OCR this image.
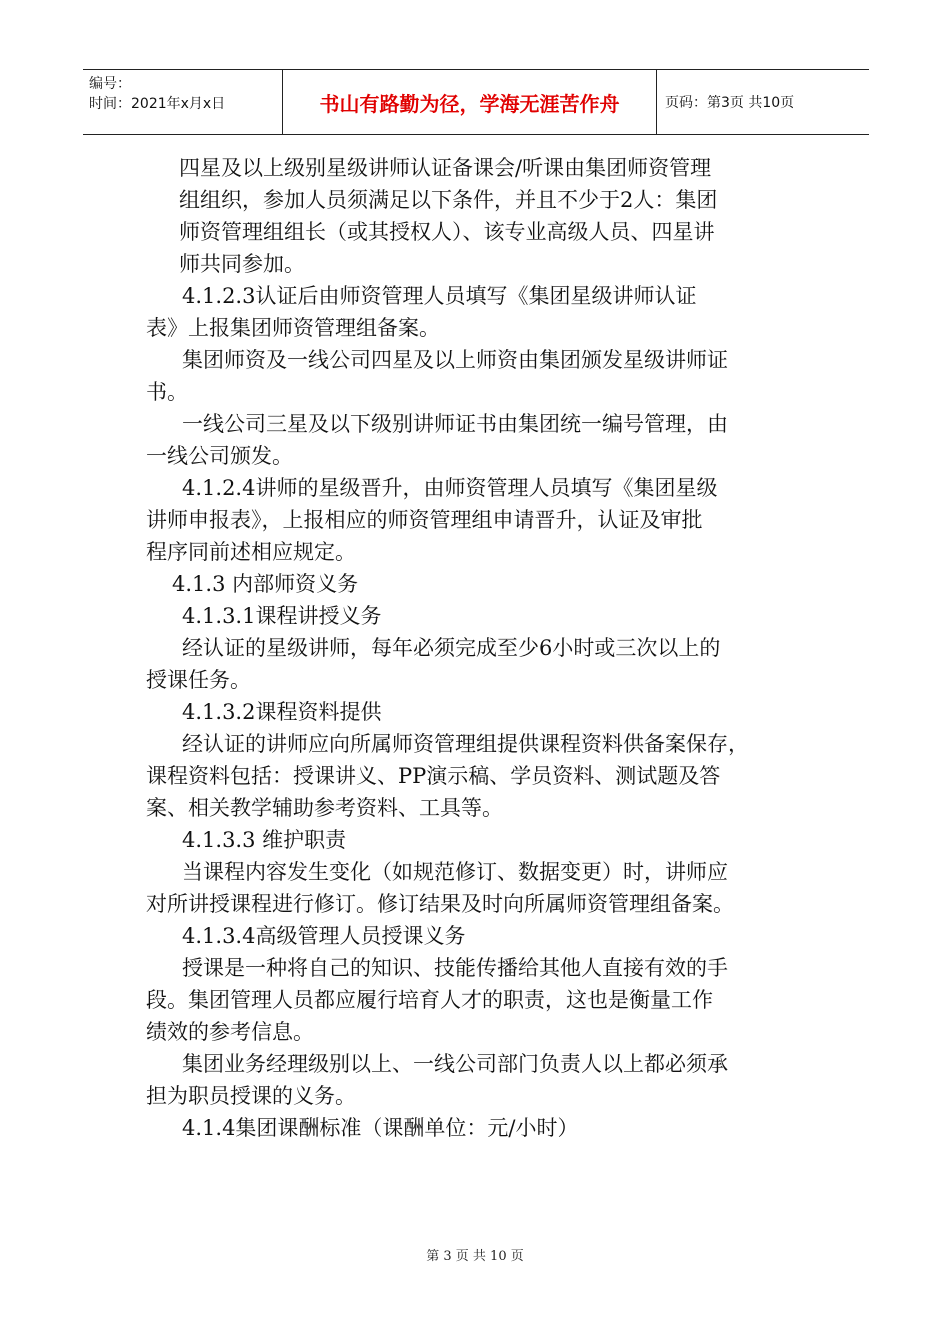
编号：
时间：2021年x月x日	书山有路勤为径，学海无涯苦作舟	页码：第3页 共10页

四星及以上级别星级讲师认证备课会/听课由集团师资管理

组组织，参加人员须满足以下条件，并且不少于2人：集团

师资管理组组长（或其授权人）、该专业高级人员、四星讲

师共同参加。

4.1.2.3认证后由师资管理人员填写《集团星级讲师认证

表》上报集团师资管理组备案。

集团师资及一线公司四星及以上师资由集团颁发星级讲师证

书。

一线公司三星及以下级别讲师证书由集团统一编号管理，由

一线公司颁发。

4.1.2.4讲师的星级晋升，由师资管理人员填写《集团星级

讲师申报表》，上报相应的师资管理组申请晋升，认证及审批

程序同前述相应规定。

4.1.3 内部师资义务

4.1.3.1课程讲授义务

经认证的星级讲师，每年必须完成至少6小时或三次以上的

授课任务。

4.1.3.2课程资料提供

经认证的讲师应向所属师资管理组提供课程资料供备案保存，

课程资料包括：授课讲义、PP演示稿、学员资料、测试题及答

案、相关教学辅助参考资料、工具等。

4.1.3.3 维护职责

当课程内容发生变化（如规范修订、数据变更）时，讲师应

对所讲授课程进行修订。修订结果及时向所属师资管理组备案。

4.1.3.4高级管理人员授课义务

授课是一种将自己的知识、技能传播给其他人直接有效的手

段。集团管理人员都应履行培育人才的职责，这也是衡量工作

绩效的参考信息。

集团业务经理级别以上、一线公司部门负责人以上都必须承

担为职员授课的义务。

4.1.4集团课酬标准（课酬单位：元/小时）

第 3 页 共 10 页
